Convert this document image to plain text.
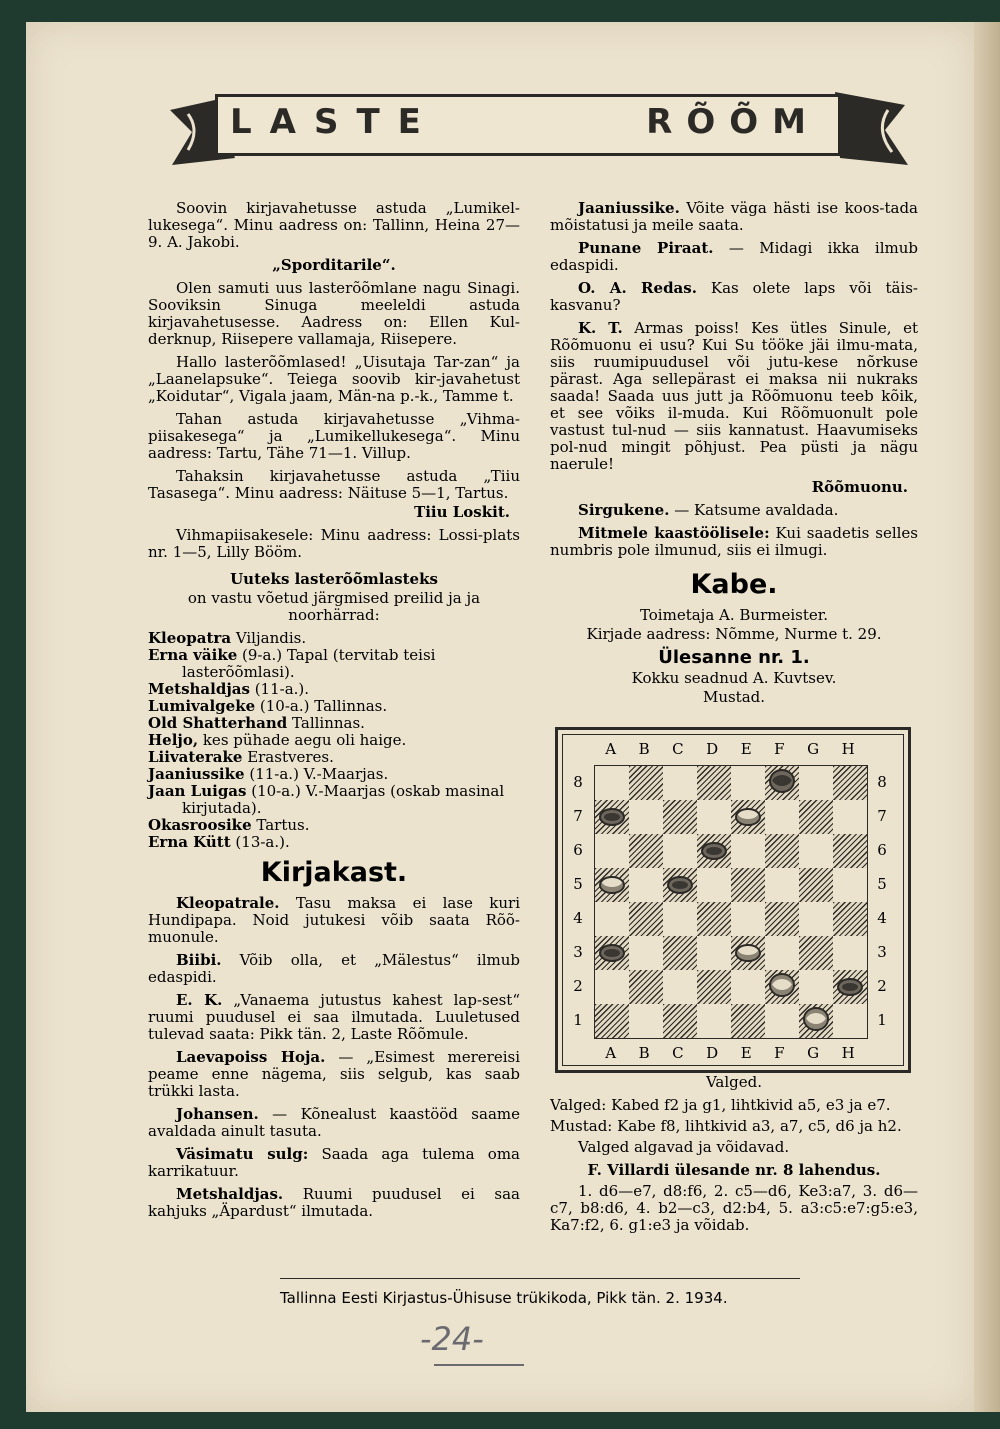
LASTE	RÕÕM

Soovin kirjavahetusse astuda „Lumikel-lukesega“. Minu aadress on: Tallinn, Heina 27—9. A. Jakobi.

„Sporditarile“.

Olen samuti uus lasterõõmlane nagu Sinagi. Sooviksin Sinuga meeleldi astuda kirjavahetusesse. Aadress on: Ellen Kul-derknup, Riisepere vallamaja, Riisepere.

Hallo lasterõõmlased! „Uisutaja Tar-zan“ ja „Laanelapsuke“. Teiega soovib kir-javahetust „Koidutar“, Vigala jaam, Män-na p.-k., Tamme t.

Tahan astuda kirjavahetusse „Vihma-piisakesega“ ja „Lumikellukesega“. Minu aadress: Tartu, Tähe 71—1. Villup.

Tahaksin kirjavahetusse astuda „Tiiu Tasasega“. Minu aadress: Näituse 5—1, Tartus.

Tiiu Loskit.

Vihmapiisakesele: Minu aadress: Lossi-plats nr. 1—5, Lilly Bööm.

Uuteks lasterõõmlasteks

on vastu võetud järgmised preilid ja ja noorhärrad:

Kleopatra Viljandis.

Erna väike (9-a.) Tapal (tervitab teisi lasterõõmlasi).

Metshaldjas (11-a.).

Lumivalgeke (10-a.) Tallinnas.

Old Shatterhand Tallinnas.

Heljo, kes pühade aegu oli haige.

Liivaterake Erastveres.

Jaaniussike (11-a.) V.-Maarjas.

Jaan Luigas (10-a.) V.-Maarjas (oskab masinal kirjutada).

Okasroosike Tartus.

Erna Kütt (13-a.).

Kirjakast.

Kleopatrale. Tasu maksa ei lase kuri Hundipapa. Noid jutukesi võib saata Rõõ-muonule.

Biibi. Võib olla, et „Mälestus“ ilmub edaspidi.

E. K. „Vanaema jutustus kahest lap-sest“ ruumi puudusel ei saa ilmutada. Luuletused tulevad saata: Pikk tän. 2, Laste Rõõmule.

Laevapoiss Hoja. — „Esimest merereisi peame enne nägema, siis selgub, kas saab trükki lasta.

Johansen. — Kõnealust kaastööd saame avaldada ainult tasuta.

Väsimatu sulg: Saada aga tulema oma karrikatuur.

Metshaldjas. Ruumi puudusel ei saa kahjuks „Äpardust“ ilmutada.

Jaaniussike. Võite väga hästi ise koos-tada mõistatusi ja meile saata.

Punane Piraat. — Midagi ikka ilmub edaspidi.

O. A. Redas. Kas olete laps või täis-kasvanu?

K. T. Armas poiss! Kes ütles Sinule, et Rõõmuonu ei usu? Kui Su tööke jäi ilmu-mata, siis ruumipuudusel või jutu-kese nõrkuse pärast. Aga sellepärast ei maksa nii nukraks saada! Saada uus jutt ja Rõõmuonu teeb kõik, et see võiks il-muda. Kui Rõõmuonult pole vastust tul-nud — siis kannatust. Haavumiseks pol-nud mingit põhjust. Pea püsti ja nägu naerule!

Rõõmuonu.

Sirgukene. — Katsume avaldada.

Mitmele kaastöölisele: Kui saadetis selles numbris pole ilmunud, siis ei ilmugi.

Kabe.

Toimetaja A. Burmeister.

Kirjade aadress: Nõmme, Nurme t. 29.

Ülesanne nr. 1.

Kokku seadnud A. Kuvtsev.

Mustad.

A B C D E F G H
A B C D E F G H
8
7
6
5
4
3
2
1
8
7
6
5
4
3
2
1

Valged.

Valged: Kabed f2 ja g1, lihtkivid a5, e3 ja e7.

Mustad: Kabe f8, lihtkivid a3, a7, c5, d6 ja h2.

Valged algavad ja võidavad.

F. Villardi ülesande nr. 8 lahendus.

1. d6—e7, d8:f6, 2. c5—d6, Ke3:a7, 3. d6—c7, b8:d6, 4. b2—c3, d2:b4, 5. a3:c5:e7:g5:e3, Ka7:f2, 6. g1:e3 ja võidab.

Tallinna Eesti Kirjastus-Ühisuse trükikoda, Pikk tän. 2. 1934.
-24-
